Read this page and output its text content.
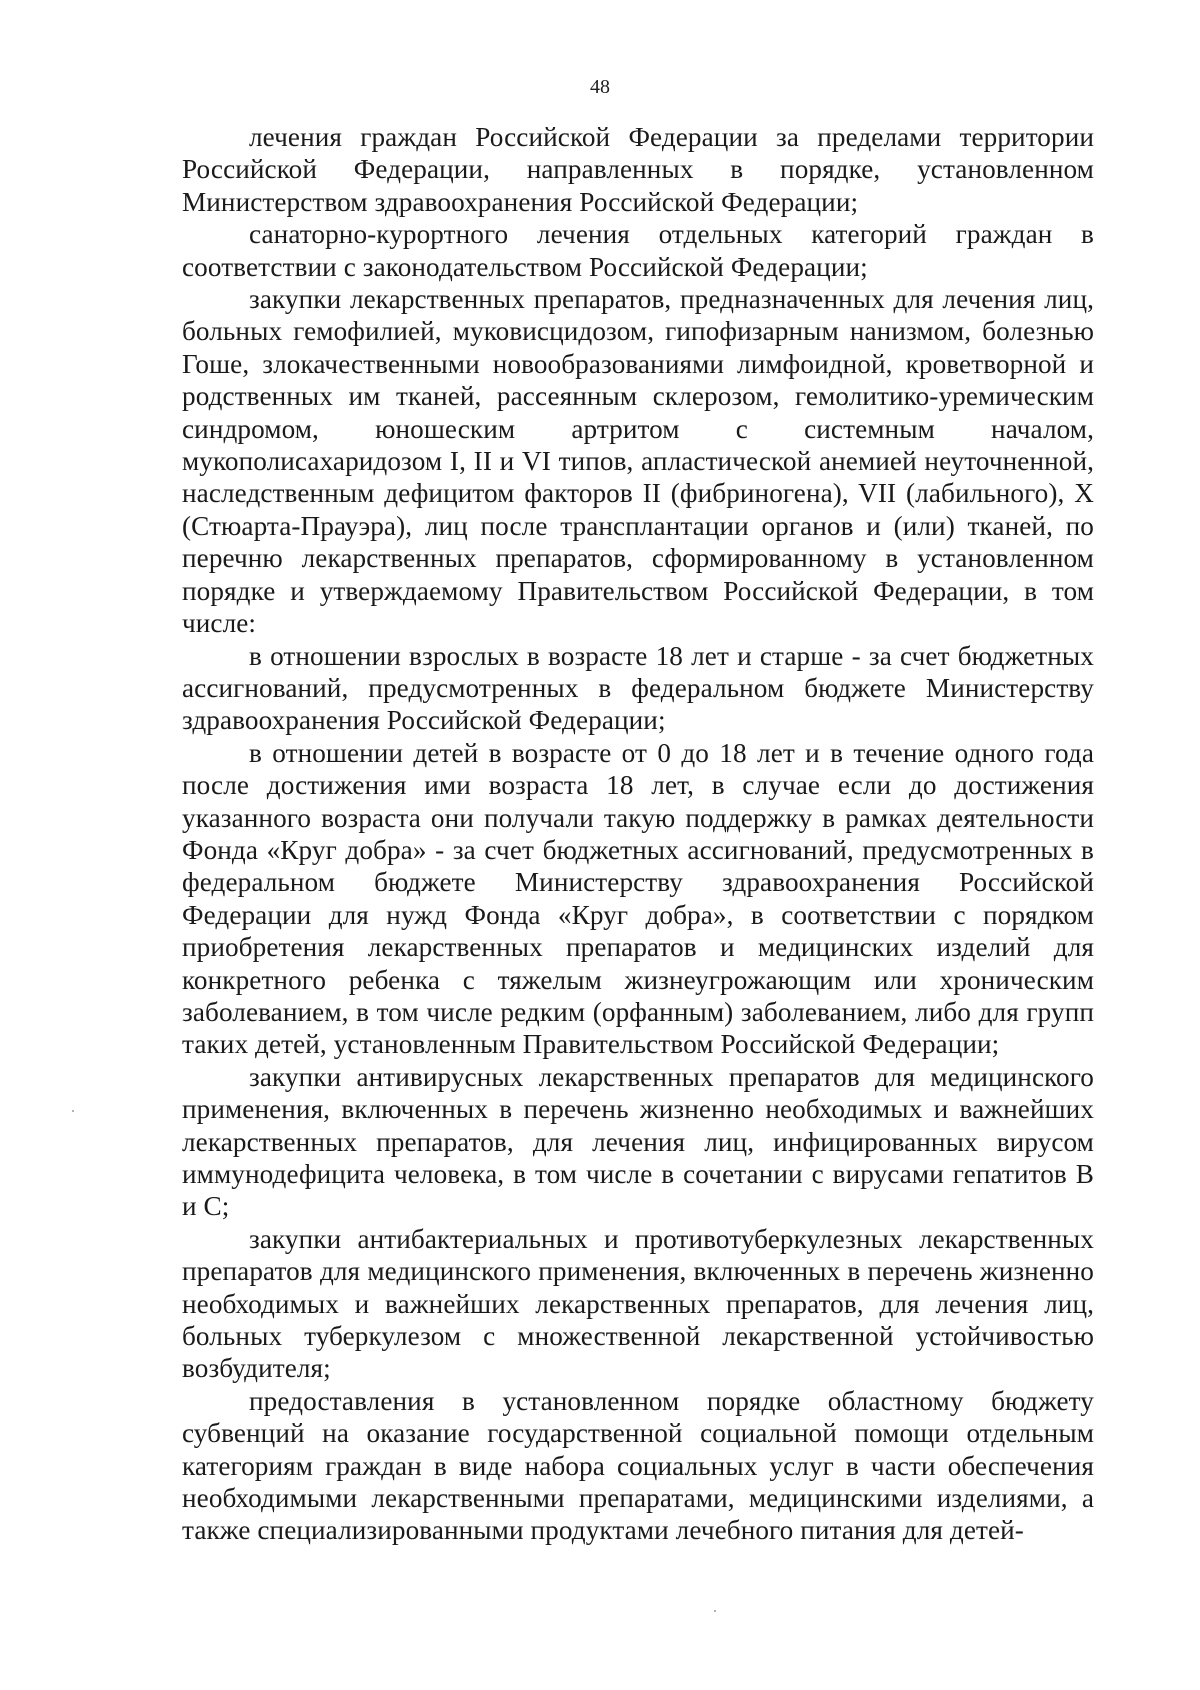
48

лечения граждан Российской Федерации за пределами территории Российской Федерации, направленных в порядке, установленном Министерством здравоохранения Российской Федерации;

санаторно-курортного лечения отдельных категорий граждан в соответствии с законодательством Российской Федерации;

закупки лекарственных препаратов, предназначенных для лечения лиц, больных гемофилией, муковисцидозом, гипофизарным нанизмом, болезнью Гоше, злокачественными новообразованиями лимфоидной, кроветворной и родственных им тканей, рассеянным склерозом, гемолитико-уремическим синдромом, юношеским артритом с системным началом, мукополисахаридозом I, II и VI типов, апластической анемией неуточненной, наследственным дефицитом факторов II (фибриногена), VII (лабильного), X (Стюарта-Прауэра), лиц после трансплантации органов и (или) тканей, по перечню лекарственных препаратов, сформированному в установленном порядке и утверждаемому Правительством Российской Федерации, в том числе:

в отношении взрослых в возрасте 18 лет и старше - за счет бюджетных ассигнований, предусмотренных в федеральном бюджете Министерству здравоохранения Российской Федерации;

в отношении детей в возрасте от 0 до 18 лет и в течение одного года после достижения ими возраста 18 лет, в случае если до достижения указанного возраста они получали такую поддержку в рамках деятельности Фонда «Круг добра» - за счет бюджетных ассигнований, предусмотренных в федеральном бюджете Министерству здравоохранения Российской Федерации для нужд Фонда «Круг добра», в соответствии с порядком приобретения лекарственных препаратов и медицинских изделий для конкретного ребенка с тяжелым жизнеугрожающим или хроническим заболеванием, в том числе редким (орфанным) заболеванием, либо для групп таких детей, установленным Правительством Российской Федерации;

закупки антивирусных лекарственных препаратов для медицинского применения, включенных в перечень жизненно необходимых и важнейших лекарственных препаратов, для лечения лиц, инфицированных вирусом иммунодефицита человека, в том числе в сочетании с вирусами гепатитов B и C;

закупки антибактериальных и противотуберкулезных лекарственных препаратов для медицинского применения, включенных в перечень жизненно необходимых и важнейших лекарственных препаратов, для лечения лиц, больных туберкулезом с множественной лекарственной устойчивостью возбудителя;

предоставления в установленном порядке областному бюджету субвенций на оказание государственной социальной помощи отдельным категориям граждан в виде набора социальных услуг в части обеспечения необходимыми лекарственными препаратами, медицинскими изделиями, а также специализированными продуктами лечебного питания для детей-
